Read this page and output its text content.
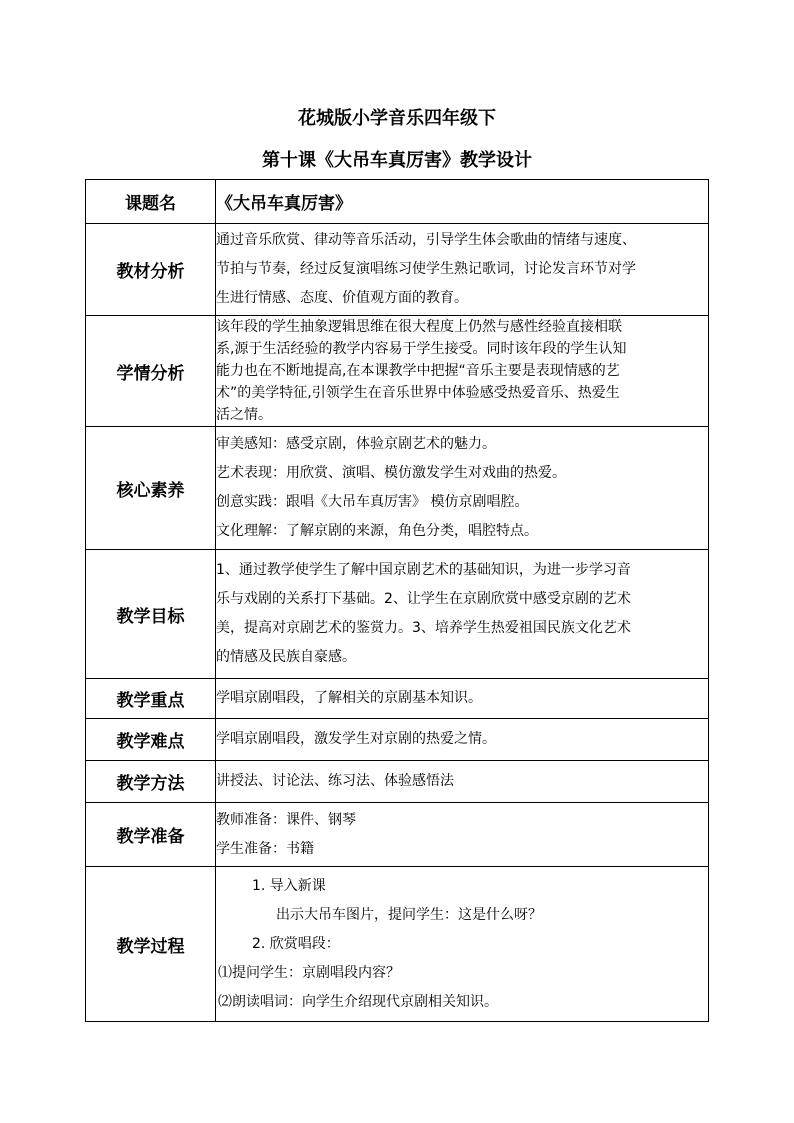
花城版小学音乐四年级下
第十课《大吊车真厉害》教学设计
课题名	《大吊车真厉害》
教材分析	通过音乐欣赏、律动等音乐活动，引导学生体会歌曲的情绪与速度、
节拍与节奏，经过反复演唱练习使学生熟记歌词，讨论发言环节对学
生进行情感、态度、价值观方面的教育。

学情分析	该年段的学生抽象逻辑思维在很大程度上仍然与感性经验直接相联
系,源于生活经验的教学内容易于学生接受。同时该年段的学生认知
能力也在不断地提高,在本课教学中把握“音乐主要是表现情感的艺
术”的美学特征,引领学生在音乐世界中体验感受热爱音乐、热爱生
活之情。

核心素养	审美感知：感受京剧，体验京剧艺术的魅力。
艺术表现：用欣赏、演唱、模仿激发学生对戏曲的热爱。
创意实践：跟唱《大吊车真厉害》 模仿京剧唱腔。
文化理解：了解京剧的来源，角色分类，唱腔特点。

教学目标	1、通过教学使学生了解中国京剧艺术的基础知识，为进一步学习音
乐与戏剧的关系打下基础。2、让学生在京剧欣赏中感受京剧的艺术
美，提高对京剧艺术的鉴赏力。3、培养学生热爱祖国民族文化艺术
的情感及民族自豪感。

教学重点	学唱京剧唱段，了解相关的京剧基本知识。

教学难点	学唱京剧唱段，激发学生对京剧的热爱之情。

教学方法	讲授法、讨论法、练习法、体验感悟法

教学准备	教师准备：课件、钢琴
学生准备：书籍

教学过程	1. 导入新课
出示大吊车图片，提问学生：这是什么呀？
2. 欣赏唱段：
⑴提问学生：京剧唱段内容？
⑵朗读唱词：向学生介绍现代京剧相关知识。
